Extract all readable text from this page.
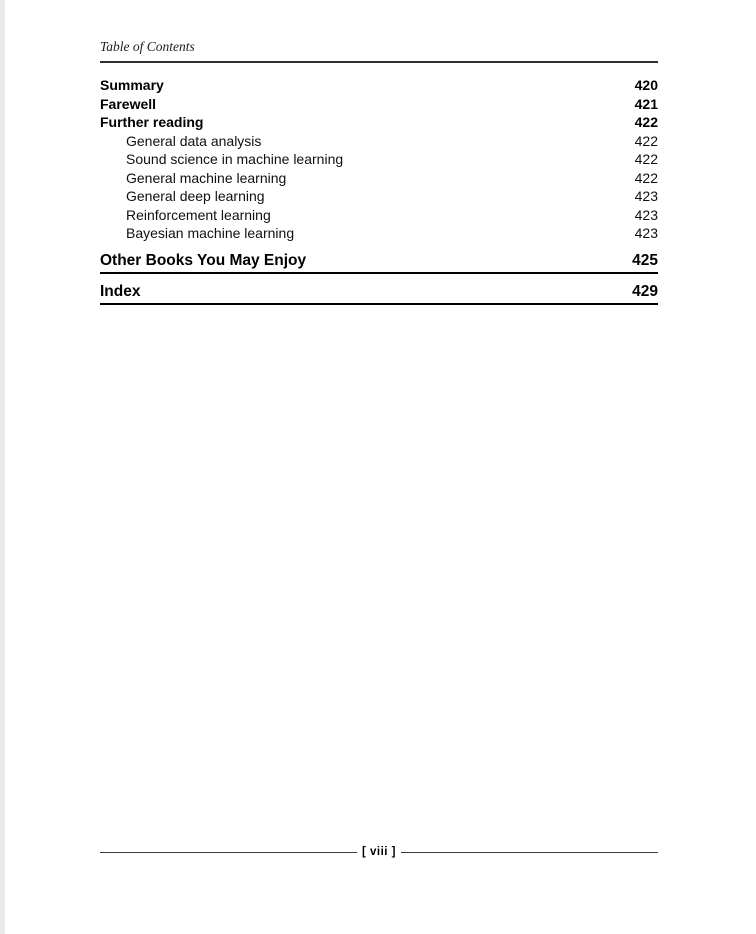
Table of Contents
Summary	420
Farewell	421
Further reading	422
General data analysis	422
Sound science in machine learning	422
General machine learning	422
General deep learning	423
Reinforcement learning	423
Bayesian machine learning	423
Other Books You May Enjoy	425
Index	429
[ viii ]
